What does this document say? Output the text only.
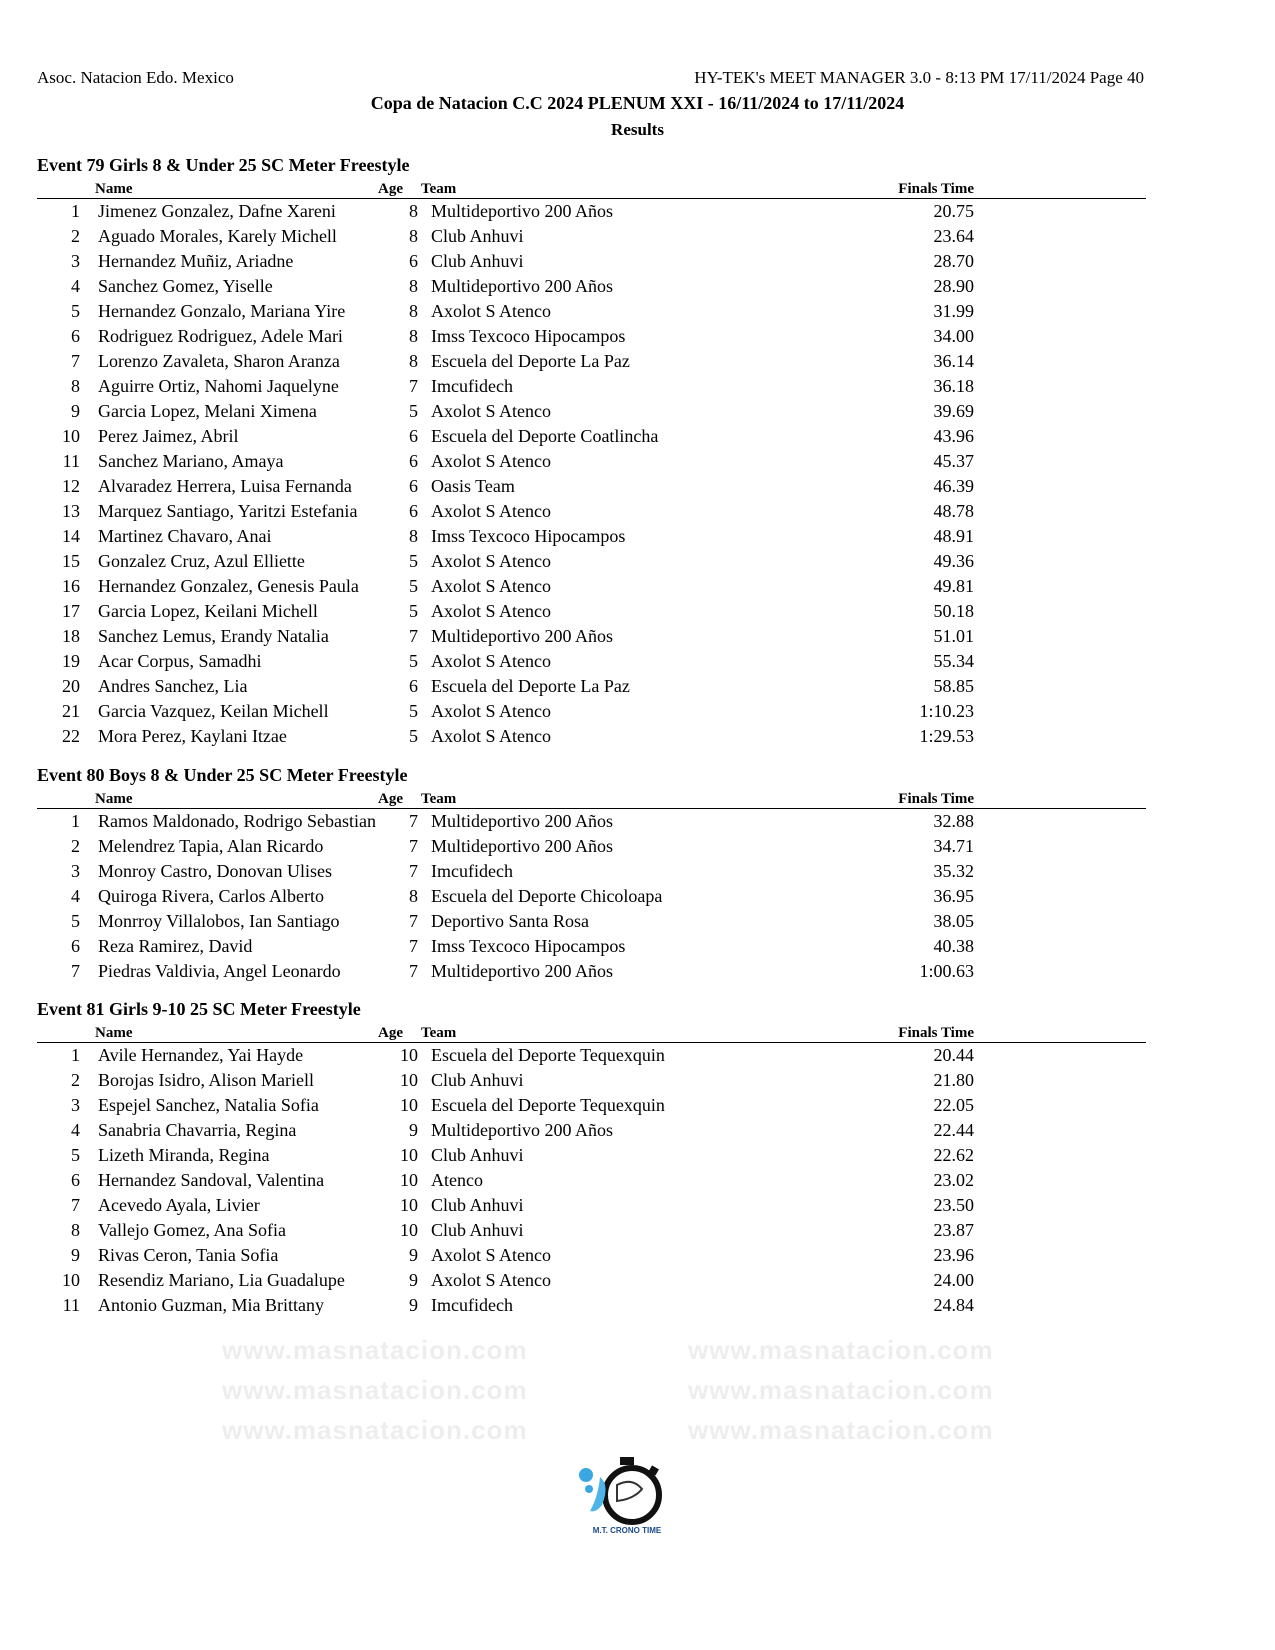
Asoc. Natacion Edo. Mexico	HY-TEK's MEET MANAGER 3.0 - 8:13 PM 17/11/2024 Page 40
Copa de Natacion C.C 2024 PLENUM XXI - 16/11/2024 to 17/11/2024
Results
Event 79 Girls 8 & Under 25 SC Meter Freestyle
Name	Age Team	Finals Time
1 Jimenez Gonzalez, Dafne Xareni	8 Multideportivo 200 Años	20.75
2 Aguado Morales, Karely Michell	8 Club Anhuvi	23.64
3 Hernandez Muñiz, Ariadne	6 Club Anhuvi	28.70
4 Sanchez Gomez, Yiselle	8 Multideportivo 200 Años	28.90
5 Hernandez Gonzalo, Mariana Yire	8 Axolot S Atenco	31.99
6 Rodriguez Rodriguez, Adele Mari	8 Imss Texcoco Hipocampos	34.00
7 Lorenzo Zavaleta, Sharon Aranza	8 Escuela del Deporte La Paz	36.14
8 Aguirre Ortiz, Nahomi Jaquelyne	7 Imcufidech	36.18
9 Garcia Lopez, Melani Ximena	5 Axolot S Atenco	39.69
10 Perez Jaimez, Abril	6 Escuela del Deporte Coatlincha	43.96
11 Sanchez Mariano, Amaya	6 Axolot S Atenco	45.37
12 Alvaradez Herrera, Luisa Fernanda	6 Oasis Team	46.39
13 Marquez Santiago, Yaritzi Estefania	6 Axolot S Atenco	48.78
14 Martinez Chavaro, Anai	8 Imss Texcoco Hipocampos	48.91
15 Gonzalez Cruz, Azul Elliette	5 Axolot S Atenco	49.36
16 Hernandez Gonzalez, Genesis Paula	5 Axolot S Atenco	49.81
17 Garcia Lopez, Keilani Michell	5 Axolot S Atenco	50.18
18 Sanchez Lemus, Erandy Natalia	7 Multideportivo 200 Años	51.01
19 Acar Corpus, Samadhi	5 Axolot S Atenco	55.34
20 Andres Sanchez, Lia	6 Escuela del Deporte La Paz	58.85
21 Garcia Vazquez, Keilan Michell	5 Axolot S Atenco	1:10.23
22 Mora Perez, Kaylani Itzae	5 Axolot S Atenco	1:29.53
Event 80 Boys 8 & Under 25 SC Meter Freestyle
Name	Age Team	Finals Time
1 Ramos Maldonado, Rodrigo Sebastian 7 Multideportivo 200 Años	32.88
2 Melendrez Tapia, Alan Ricardo	7 Multideportivo 200 Años	34.71
3 Monroy Castro, Donovan Ulises	7 Imcufidech	35.32
4 Quiroga Rivera, Carlos Alberto	8 Escuela del Deporte Chicoloapa	36.95
5 Monrroy Villalobos, Ian Santiago	7 Deportivo Santa Rosa	38.05
6 Reza Ramirez, David	7 Imss Texcoco Hipocampos	40.38
7 Piedras Valdivia, Angel Leonardo	7 Multideportivo 200 Años	1:00.63
Event 81 Girls 9-10 25 SC Meter Freestyle
Name	Age Team	Finals Time
1 Avile Hernandez, Yai Hayde	10 Escuela del Deporte Tequexquin	20.44
2 Borojas Isidro, Alison Mariell	10 Club Anhuvi	21.80
3 Espejel Sanchez, Natalia Sofia	10 Escuela del Deporte Tequexquin	22.05
4 Sanabria Chavarria, Regina	9 Multideportivo 200 Años	22.44
5 Lizeth Miranda, Regina	10 Club Anhuvi	22.62
6 Hernandez Sandoval, Valentina	10 Atenco	23.02
7 Acevedo Ayala, Livier	10 Club Anhuvi	23.50
8 Vallejo Gomez, Ana Sofia	10 Club Anhuvi	23.87
9 Rivas Ceron, Tania Sofia	9 Axolot S Atenco	23.96
10 Resendiz Mariano, Lia Guadalupe	9 Axolot S Atenco	24.00
11 Antonio Guzman, Mia Brittany	9 Imcufidech	24.84
www.masnatacion.com	www.masnatacion.com
www.masnatacion.com	www.masnatacion.com
www.masnatacion.com	www.masnatacion.com
M.T. CRONO TIME
